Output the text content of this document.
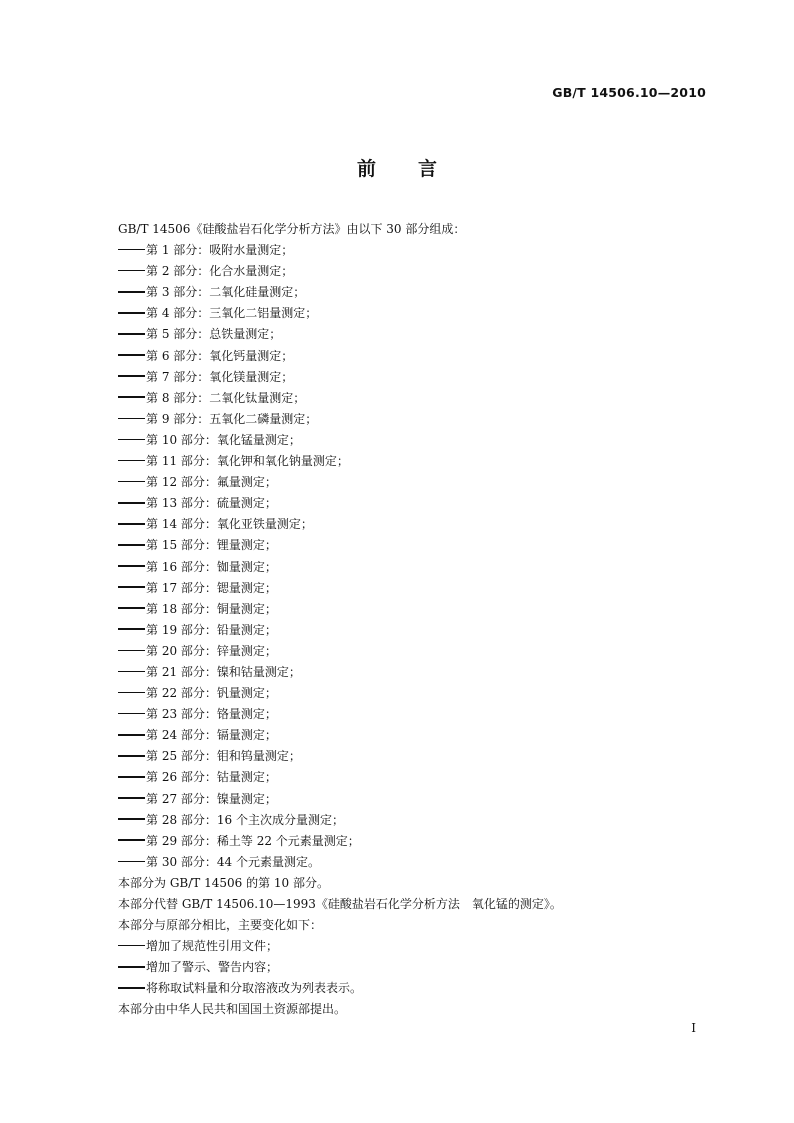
GB/T 14506.10—2010
前言
GB/T 14506《硅酸盐岩石化学分析方法》由以下 30 部分组成：
第 1 部分：吸附水量测定；
第 2 部分：化合水量测定；
第 3 部分：二氧化硅量测定；
第 4 部分：三氧化二铝量测定；
第 5 部分：总铁量测定；
第 6 部分：氧化钙量测定；
第 7 部分：氧化镁量测定；
第 8 部分：二氧化钛量测定；
第 9 部分：五氧化二磷量测定；
第 10 部分：氧化锰量测定；
第 11 部分：氧化钾和氧化钠量测定；
第 12 部分：氟量测定；
第 13 部分：硫量测定；
第 14 部分：氧化亚铁量测定；
第 15 部分：锂量测定；
第 16 部分：铷量测定；
第 17 部分：锶量测定；
第 18 部分：铜量测定；
第 19 部分：铅量测定；
第 20 部分：锌量测定；
第 21 部分：镍和钴量测定；
第 22 部分：钒量测定；
第 23 部分：铬量测定；
第 24 部分：镉量测定；
第 25 部分：钼和钨量测定；
第 26 部分：钴量测定；
第 27 部分：镍量测定；
第 28 部分：16 个主次成分量测定；
第 29 部分：稀土等 22 个元素量测定；
第 30 部分：44 个元素量测定。
本部分为 GB/T 14506 的第 10 部分。
本部分代替 GB/T 14506.10—1993《硅酸盐岩石化学分析方法　氧化锰的测定》。
本部分与原部分相比，主要变化如下：
增加了规范性引用文件；
增加了警示、警告内容；
将称取试料量和分取溶液改为列表表示。
本部分由中华人民共和国国土资源部提出。
I
